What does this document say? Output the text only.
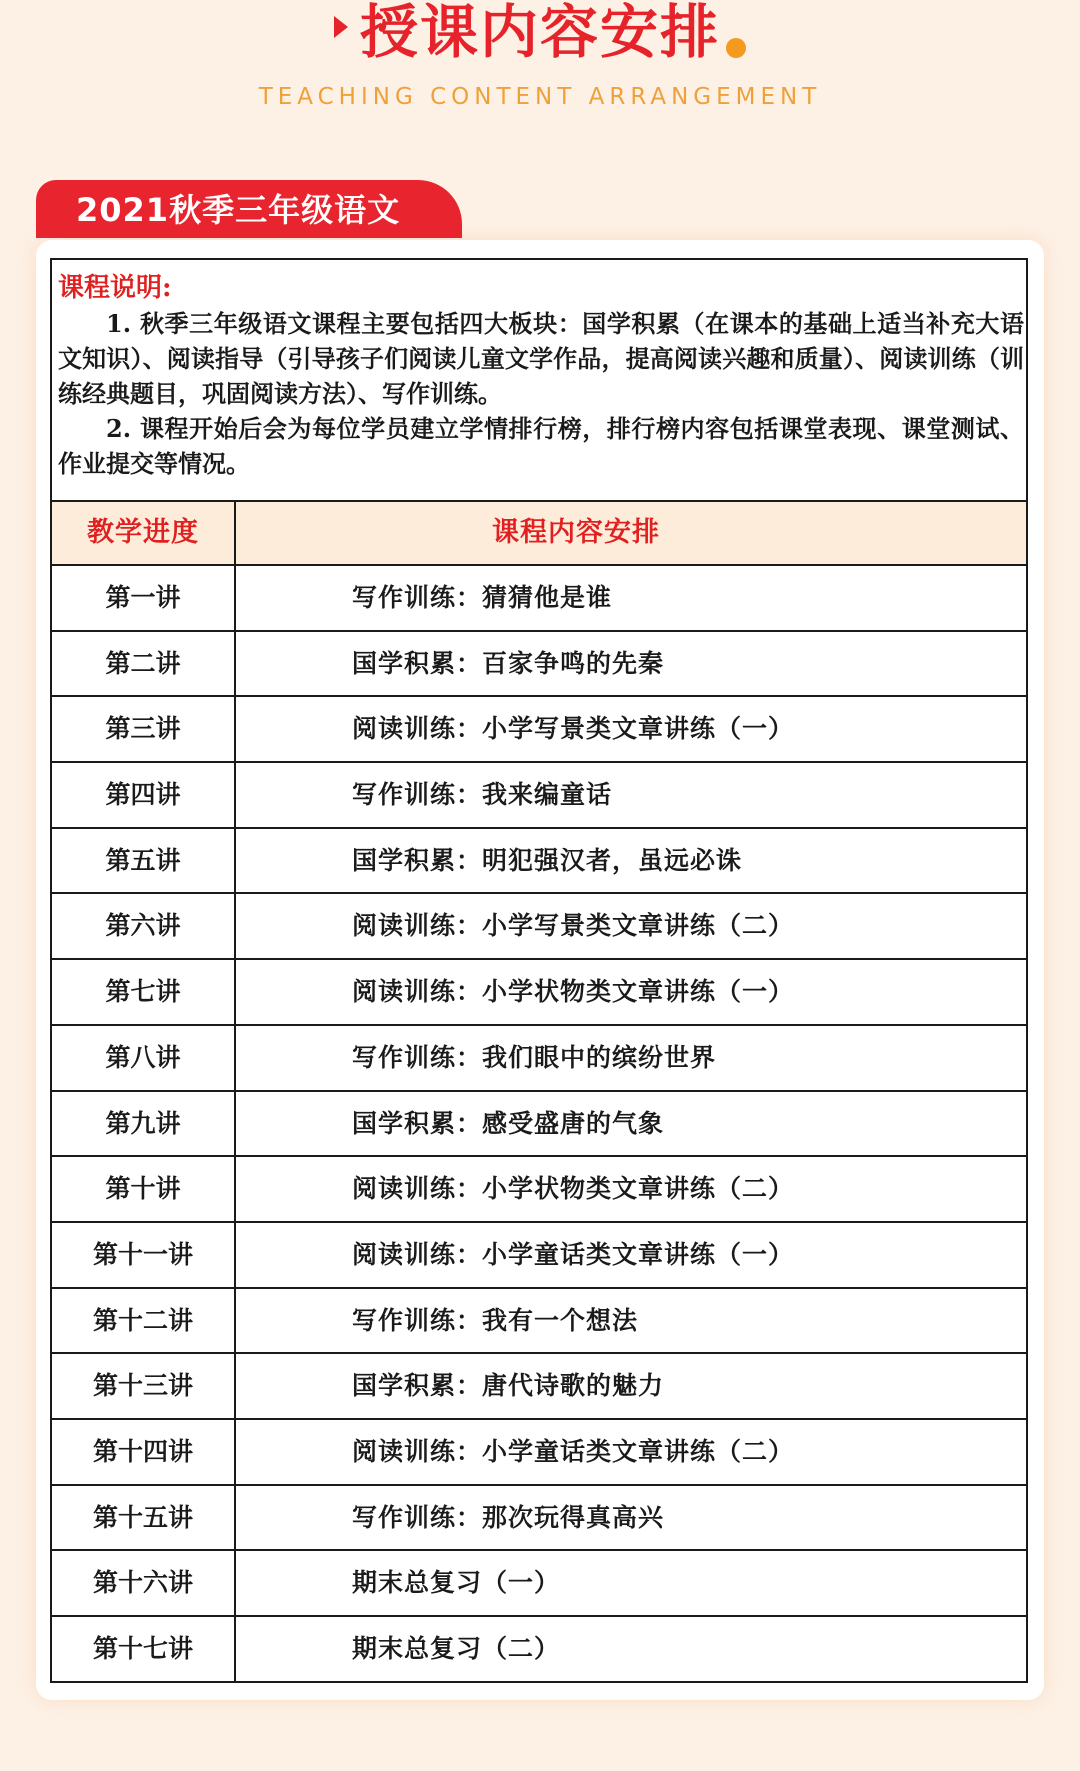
授课内容安排
TEACHING CONTENT ARRANGEMENT
2021秋季三年级语文
课程说明:

1. 秋季三年级语文课程主要包括四大板块：国学积累（在课本的基础上适当补充大语文知识）、阅读指导（引导孩子们阅读儿童文学作品，提高阅读兴趣和质量）、阅读训练（训练经典题目，巩固阅读方法）、写作训练。

2. 课程开始后会为每位学员建立学情排行榜，排行榜内容包括课堂表现、课堂测试、作业提交等情况。

教学进度	课程内容安排
第一讲	写作训练：猜猜他是谁
第二讲	国学积累：百家争鸣的先秦
第三讲	阅读训练：小学写景类文章讲练（一）
第四讲	写作训练：我来编童话
第五讲	国学积累：明犯强汉者，虽远必诛
第六讲	阅读训练：小学写景类文章讲练（二）
第七讲	阅读训练：小学状物类文章讲练（一）
第八讲	写作训练：我们眼中的缤纷世界
第九讲	国学积累：感受盛唐的气象
第十讲	阅读训练：小学状物类文章讲练（二）
第十一讲	阅读训练：小学童话类文章讲练（一）
第十二讲	写作训练：我有一个想法
第十三讲	国学积累：唐代诗歌的魅力
第十四讲	阅读训练：小学童话类文章讲练（二）
第十五讲	写作训练：那次玩得真高兴
第十六讲	期末总复习（一）
第十七讲	期末总复习（二）
